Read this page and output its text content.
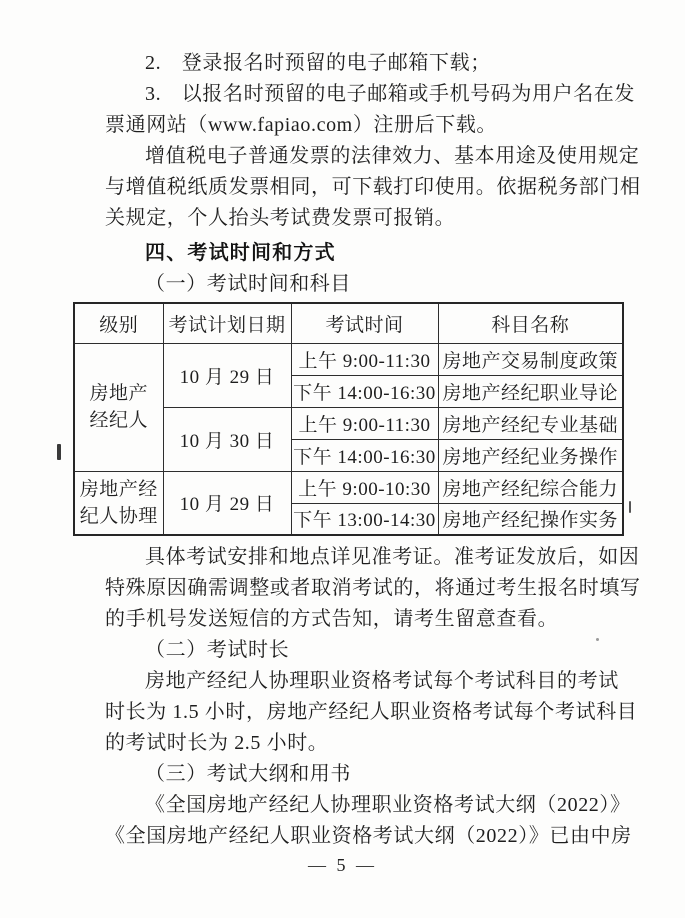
2.　登录报名时预留的电子邮箱下载；
3.　以报名时预留的电子邮箱或手机号码为用户名在发
票通网站（www.fapiao.com）注册后下载。
增值税电子普通发票的法律效力、基本用途及使用规定
与增值税纸质发票相同，可下载打印使用。依据税务部门相
关规定，个人抬头考试费发票可报销。
四、考试时间和方式
（一）考试时间和科目
级别	考试计划日期	考试时间	科目名称
房地产
经纪人	10 月 29 日	上午 9:00-11:30	房地产交易制度政策
		下午 14:00-16:30	房地产经纪职业导论
	10 月 30 日	上午 9:00-11:30	房地产经纪专业基础
		下午 14:00-16:30	房地产经纪业务操作
房地产经
纪人协理	10 月 29 日	上午 9:00-10:30	房地产经纪综合能力
		下午 13:00-14:30	房地产经纪操作实务
具体考试安排和地点详见准考证。准考证发放后，如因
特殊原因确需调整或者取消考试的，将通过考生报名时填写
的手机号发送短信的方式告知，请考生留意查看。
（二）考试时长
房地产经纪人协理职业资格考试每个考试科目的考试
时长为 1.5 小时，房地产经纪人职业资格考试每个考试科目
的考试时长为 2.5 小时。
（三）考试大纲和用书
《全国房地产经纪人协理职业资格考试大纲（2022）》
《全国房地产经纪人职业资格考试大纲（2022）》已由中房
— 5 —
